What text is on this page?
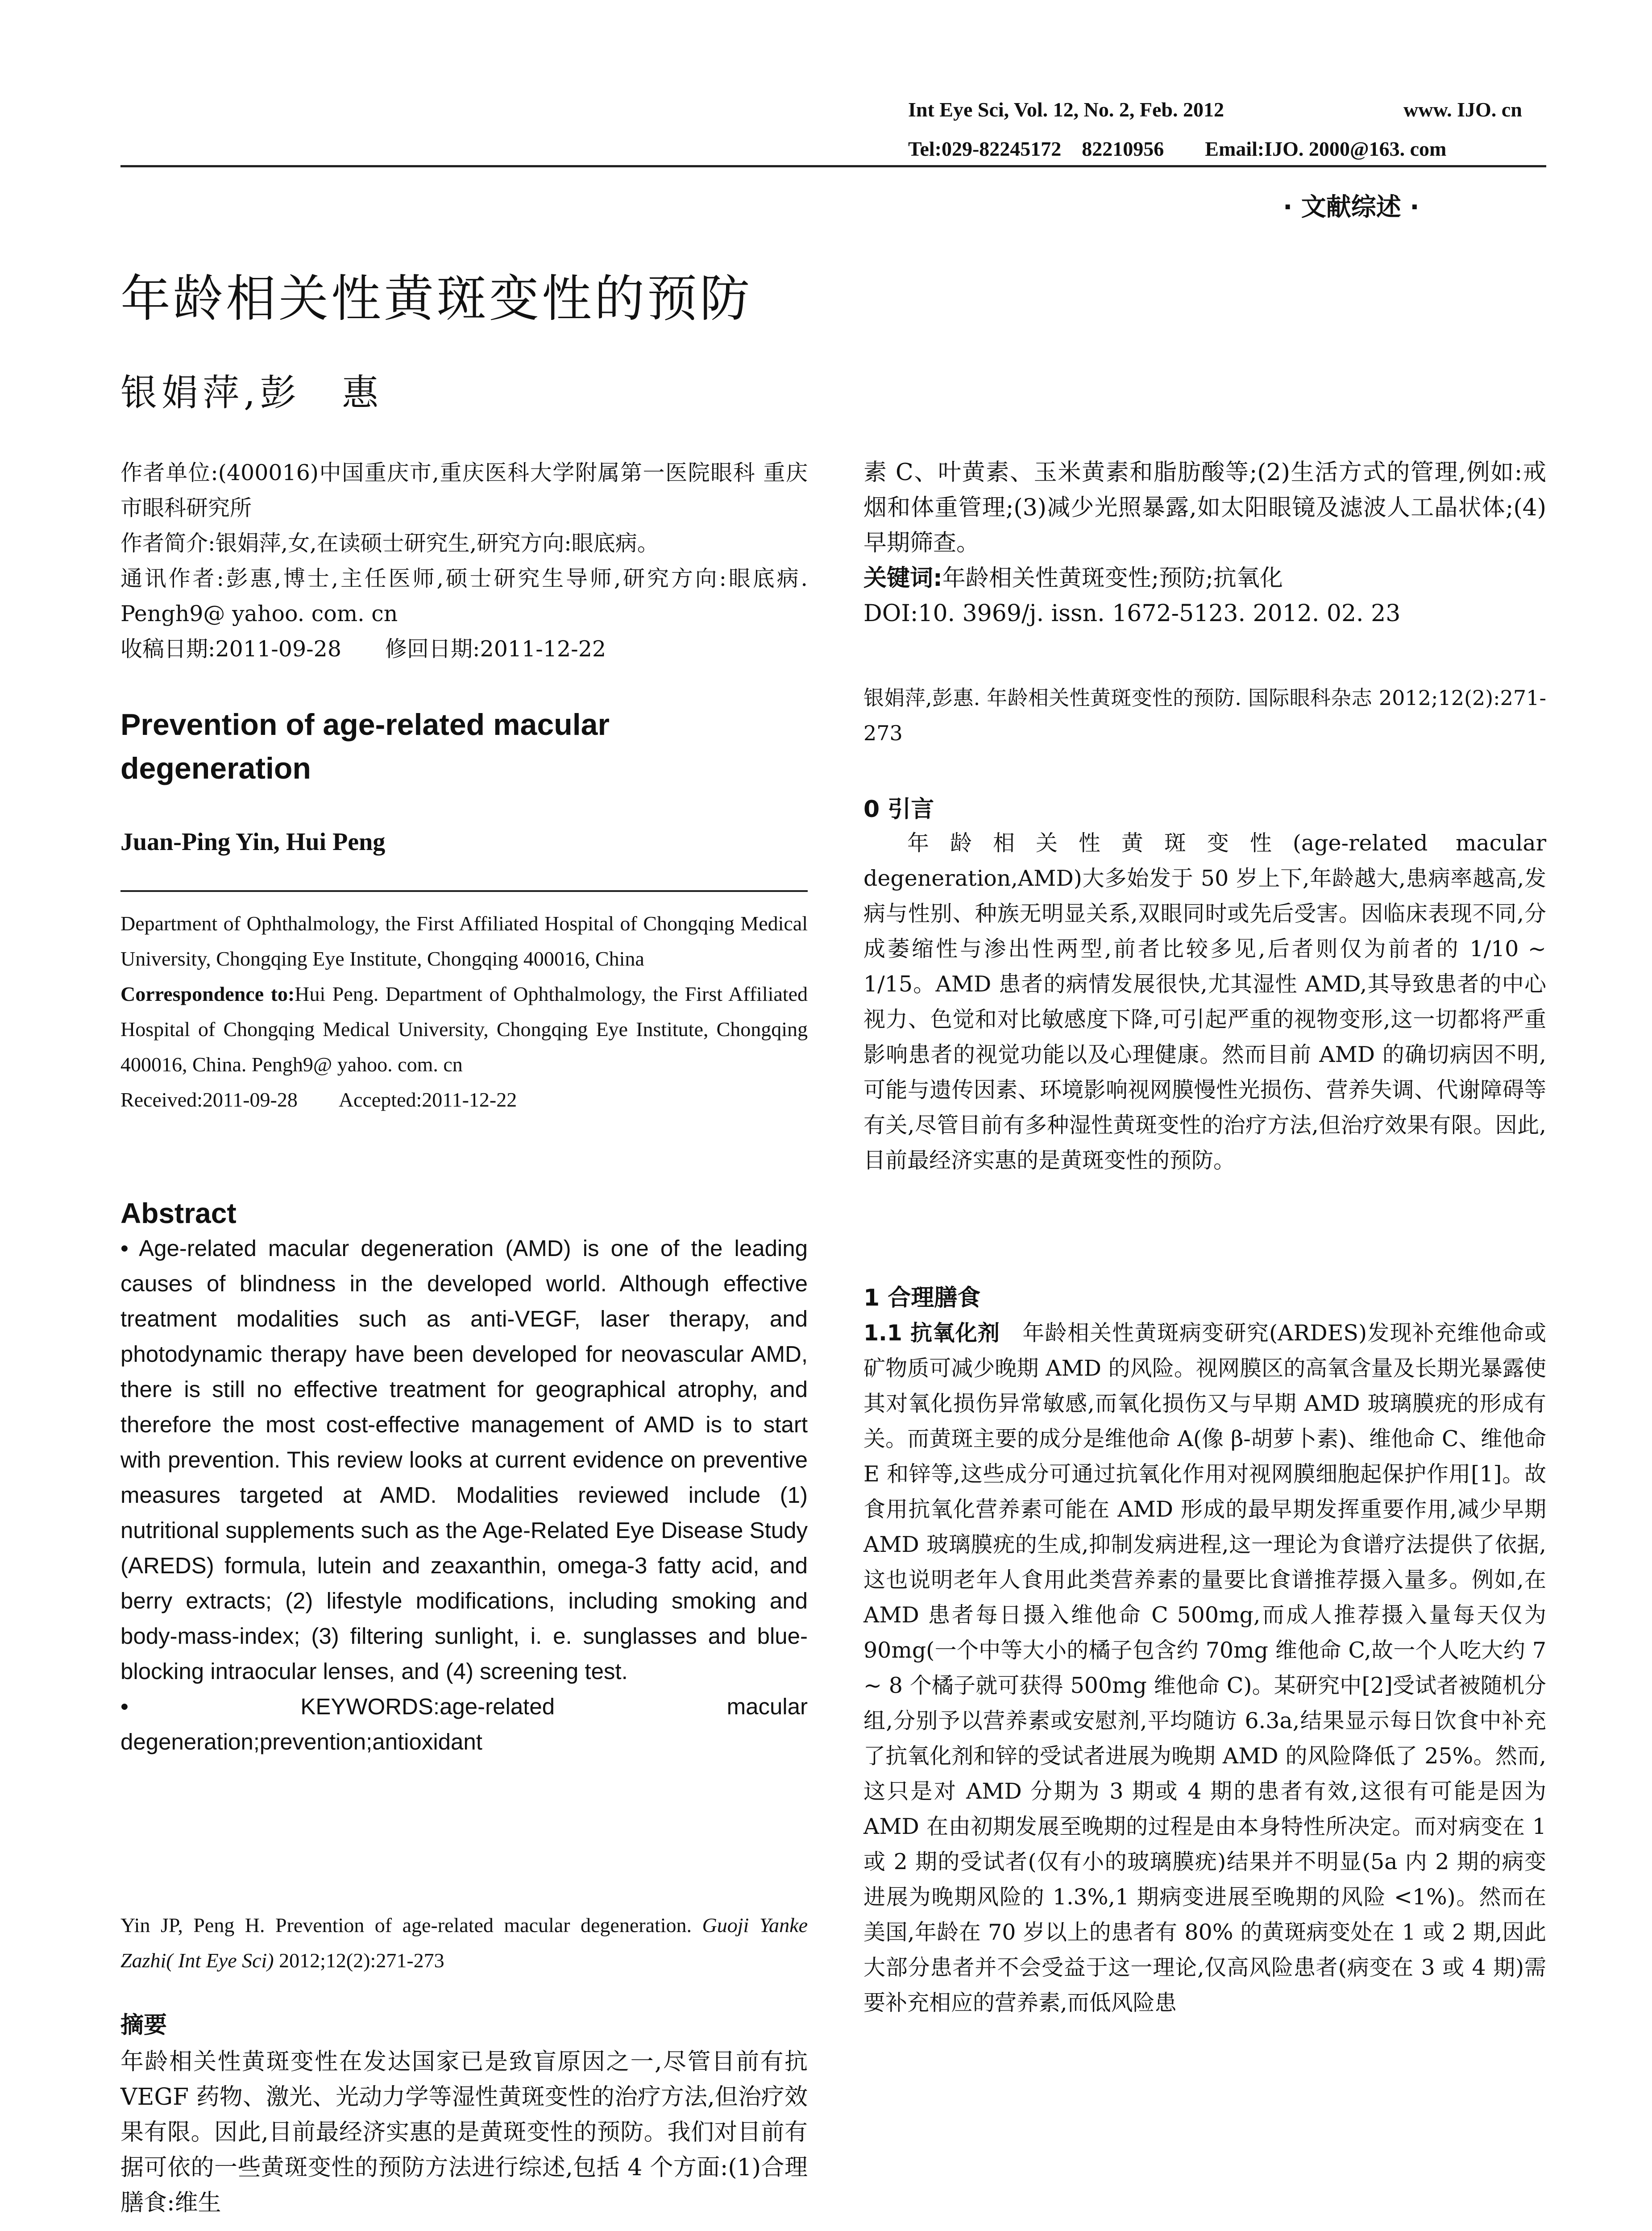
Int Eye Sci, Vol. 12, No. 2, Feb. 2012	www. IJO. cn
Tel:029-82245172　82210956　　Email:IJO. 2000@163. com
· 文献综述 ·
年龄相关性黄斑变性的预防
银娟萍,彭　惠

作者单位:(400016)中国重庆市,重庆医科大学附属第一医院眼科 重庆市眼科研究所

作者简介:银娟萍,女,在读硕士研究生,研究方向:眼底病。

通讯作者:彭惠,博士,主任医师,硕士研究生导师,研究方向:眼底病. Pengh9@ yahoo. com. cn

收稿日期:2011-09-28　　修回日期:2011-12-22

Prevention of age-related macular degeneration
Juan-Ping Yin, Hui Peng

Department of Ophthalmology, the First Affiliated Hospital of Chongqing Medical University, Chongqing Eye Institute, Chongqing 400016, China

Correspondence to:Hui Peng. Department of Ophthalmology, the First Affiliated Hospital of Chongqing Medical University, Chongqing Eye Institute, Chongqing 400016, China. Pengh9@ yahoo. com. cn

Received:2011-09-28　　Accepted:2011-12-22

Abstract

• Age-related macular degeneration (AMD) is one of the leading causes of blindness in the developed world. Although effective treatment modalities such as anti-VEGF, laser therapy, and photodynamic therapy have been developed for neovascular AMD, there is still no effective treatment for geographical atrophy, and therefore the most cost-effective management of AMD is to start with prevention. This review looks at current evidence on preventive measures targeted at AMD. Modalities reviewed include (1) nutritional supplements such as the Age-Related Eye Disease Study (AREDS) formula, lutein and zeaxanthin, omega-3 fatty acid, and berry extracts; (2) lifestyle modifications, including smoking and body-mass-index; (3) filtering sunlight, i. e. sunglasses and blue-blocking intraocular lenses, and (4) screening test.

• KEYWORDS:age-related macular degeneration;prevention;antioxidant

Yin JP, Peng H. Prevention of age-related macular degeneration. Guoji Yanke Zazhi( Int Eye Sci) 2012;12(2):271-273
摘要
年龄相关性黄斑变性在发达国家已是致盲原因之一,尽管目前有抗 VEGF 药物、激光、光动力学等湿性黄斑变性的治疗方法,但治疗效果有限。因此,目前最经济实惠的是黄斑变性的预防。我们对目前有据可依的一些黄斑变性的预防方法进行综述,包括 4 个方面:(1)合理膳食:维生

素 C、叶黄素、玉米黄素和脂肪酸等;(2)生活方式的管理,例如:戒烟和体重管理;(3)减少光照暴露,如太阳眼镜及滤波人工晶状体;(4)早期筛查。

关键词:年龄相关性黄斑变性;预防;抗氧化

DOI:10. 3969/j. issn. 1672-5123. 2012. 02. 23

银娟萍,彭惠. 年龄相关性黄斑变性的预防. 国际眼科杂志 2012;12(2):271-273
0 引言
年龄相关性黄斑变性(age-related macular degeneration,AMD)大多始发于 50 岁上下,年龄越大,患病率越高,发病与性别、种族无明显关系,双眼同时或先后受害。因临床表现不同,分成萎缩性与渗出性两型,前者比较多见,后者则仅为前者的 1/10 ~ 1/15。AMD 患者的病情发展很快,尤其湿性 AMD,其导致患者的中心视力、色觉和对比敏感度下降,可引起严重的视物变形,这一切都将严重影响患者的视觉功能以及心理健康。然而目前 AMD 的确切病因不明,可能与遗传因素、环境影响视网膜慢性光损伤、营养失调、代谢障碍等有关,尽管目前有多种湿性黄斑变性的治疗方法,但治疗效果有限。因此,目前最经济实惠的是黄斑变性的预防。
1 合理膳食
1.1 抗氧化剂　 年龄相关性黄斑病变研究(ARDES)发现补充维他命或矿物质可减少晚期 AMD 的风险。视网膜区的高氧含量及长期光暴露使其对氧化损伤异常敏感,而氧化损伤又与早期 AMD 玻璃膜疣的形成有关。而黄斑主要的成分是维他命 A(像 β-胡萝卜素)、维他命 C、维他命 E 和锌等,这些成分可通过抗氧化作用对视网膜细胞起保护作用[1]。故食用抗氧化营养素可能在 AMD 形成的最早期发挥重要作用,减少早期 AMD 玻璃膜疣的生成,抑制发病进程,这一理论为食谱疗法提供了依据,这也说明老年人食用此类营养素的量要比食谱推荐摄入量多。例如,在 AMD 患者每日摄入维他命 C 500mg,而成人推荐摄入量每天仅为 90mg(一个中等大小的橘子包含约 70mg 维他命 C,故一个人吃大约 7 ~ 8 个橘子就可获得 500mg 维他命 C)。某研究中[2]受试者被随机分组,分别予以营养素或安慰剂,平均随访 6.3a,结果显示每日饮食中补充了抗氧化剂和锌的受试者进展为晚期 AMD 的风险降低了 25%。然而,这只是对 AMD 分期为 3 期或 4 期的患者有效,这很有可能是因为 AMD 在由初期发展至晚期的过程是由本身特性所决定。而对病变在 1 或 2 期的受试者(仅有小的玻璃膜疣)结果并不明显(5a 内 2 期的病变进展为晚期风险的 1.3%,1 期病变进展至晚期的风险 <1%)。然而在美国,年龄在 70 岁以上的患者有 80% 的黄斑病变处在 1 或 2 期,因此大部分患者并不会受益于这一理论,仅高风险患者(病变在 3 或 4 期)需要补充相应的营养素,而低风险患
